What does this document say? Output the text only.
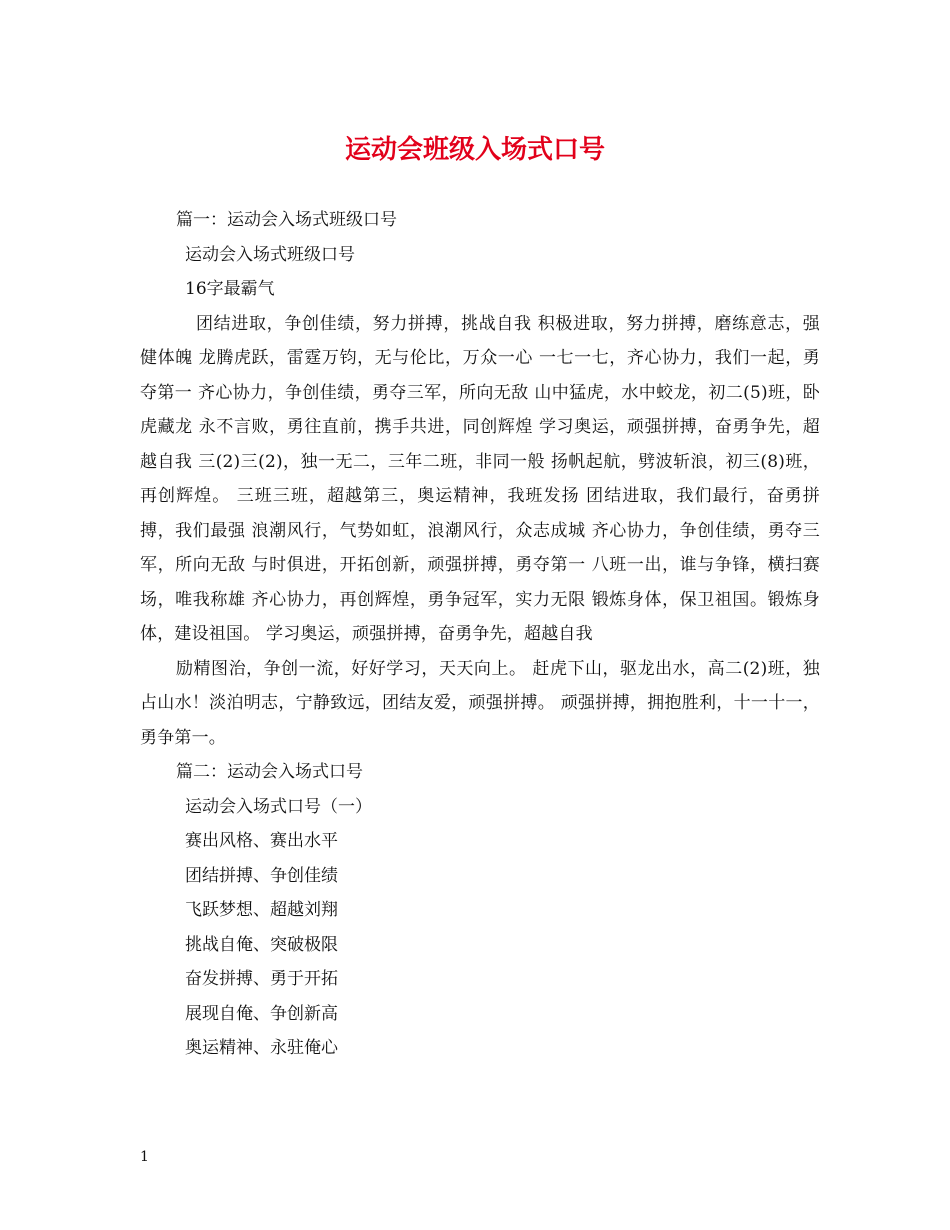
运动会班级入场式口号
篇一：运动会入场式班级口号
运动会入场式班级口号
16字最霸气
团结进取，争创佳绩，努力拼搏，挑战自我 积极进取，努力拼搏，磨练意志，强健体魄 龙腾虎跃，雷霆万钧，无与伦比，万众一心 一七一七，齐心协力，我们一起，勇夺第一 齐心协力，争创佳绩，勇夺三军，所向无敌 山中猛虎，水中蛟龙，初二(5)班，卧虎藏龙 永不言败，勇往直前，携手共进，同创辉煌 学习奥运，顽强拼搏，奋勇争先，超越自我 三(2)三(2)，独一无二，三年二班，非同一般 扬帆起航，劈波斩浪，初三(8)班，再创辉煌。 三班三班，超越第三，奥运精神，我班发扬 团结进取，我们最行，奋勇拼搏，我们最强 浪潮风行，气势如虹，浪潮风行，众志成城 齐心协力，争创佳绩，勇夺三军，所向无敌 与时俱进，开拓创新，顽强拼搏，勇夺第一 八班一出，谁与争锋，横扫赛场，唯我称雄 齐心协力，再创辉煌，勇争冠军，实力无限 锻炼身体，保卫祖国。锻炼身体，建设祖国。 学习奥运，顽强拼搏，奋勇争先，超越自我
励精图治，争创一流，好好学习，天天向上。 赶虎下山，驱龙出水，高二(2)班，独占山水！淡泊明志，宁静致远，团结友爱，顽强拼搏。 顽强拼搏，拥抱胜利，十一十一，勇争第一。
篇二：运动会入场式口号
运动会入场式口号（一）
赛出风格、赛出水平
团结拼搏、争创佳绩
飞跃梦想、超越刘翔
挑战自俺、突破极限
奋发拼搏、勇于开拓
展现自俺、争创新高
奥运精神、永驻俺心
1
